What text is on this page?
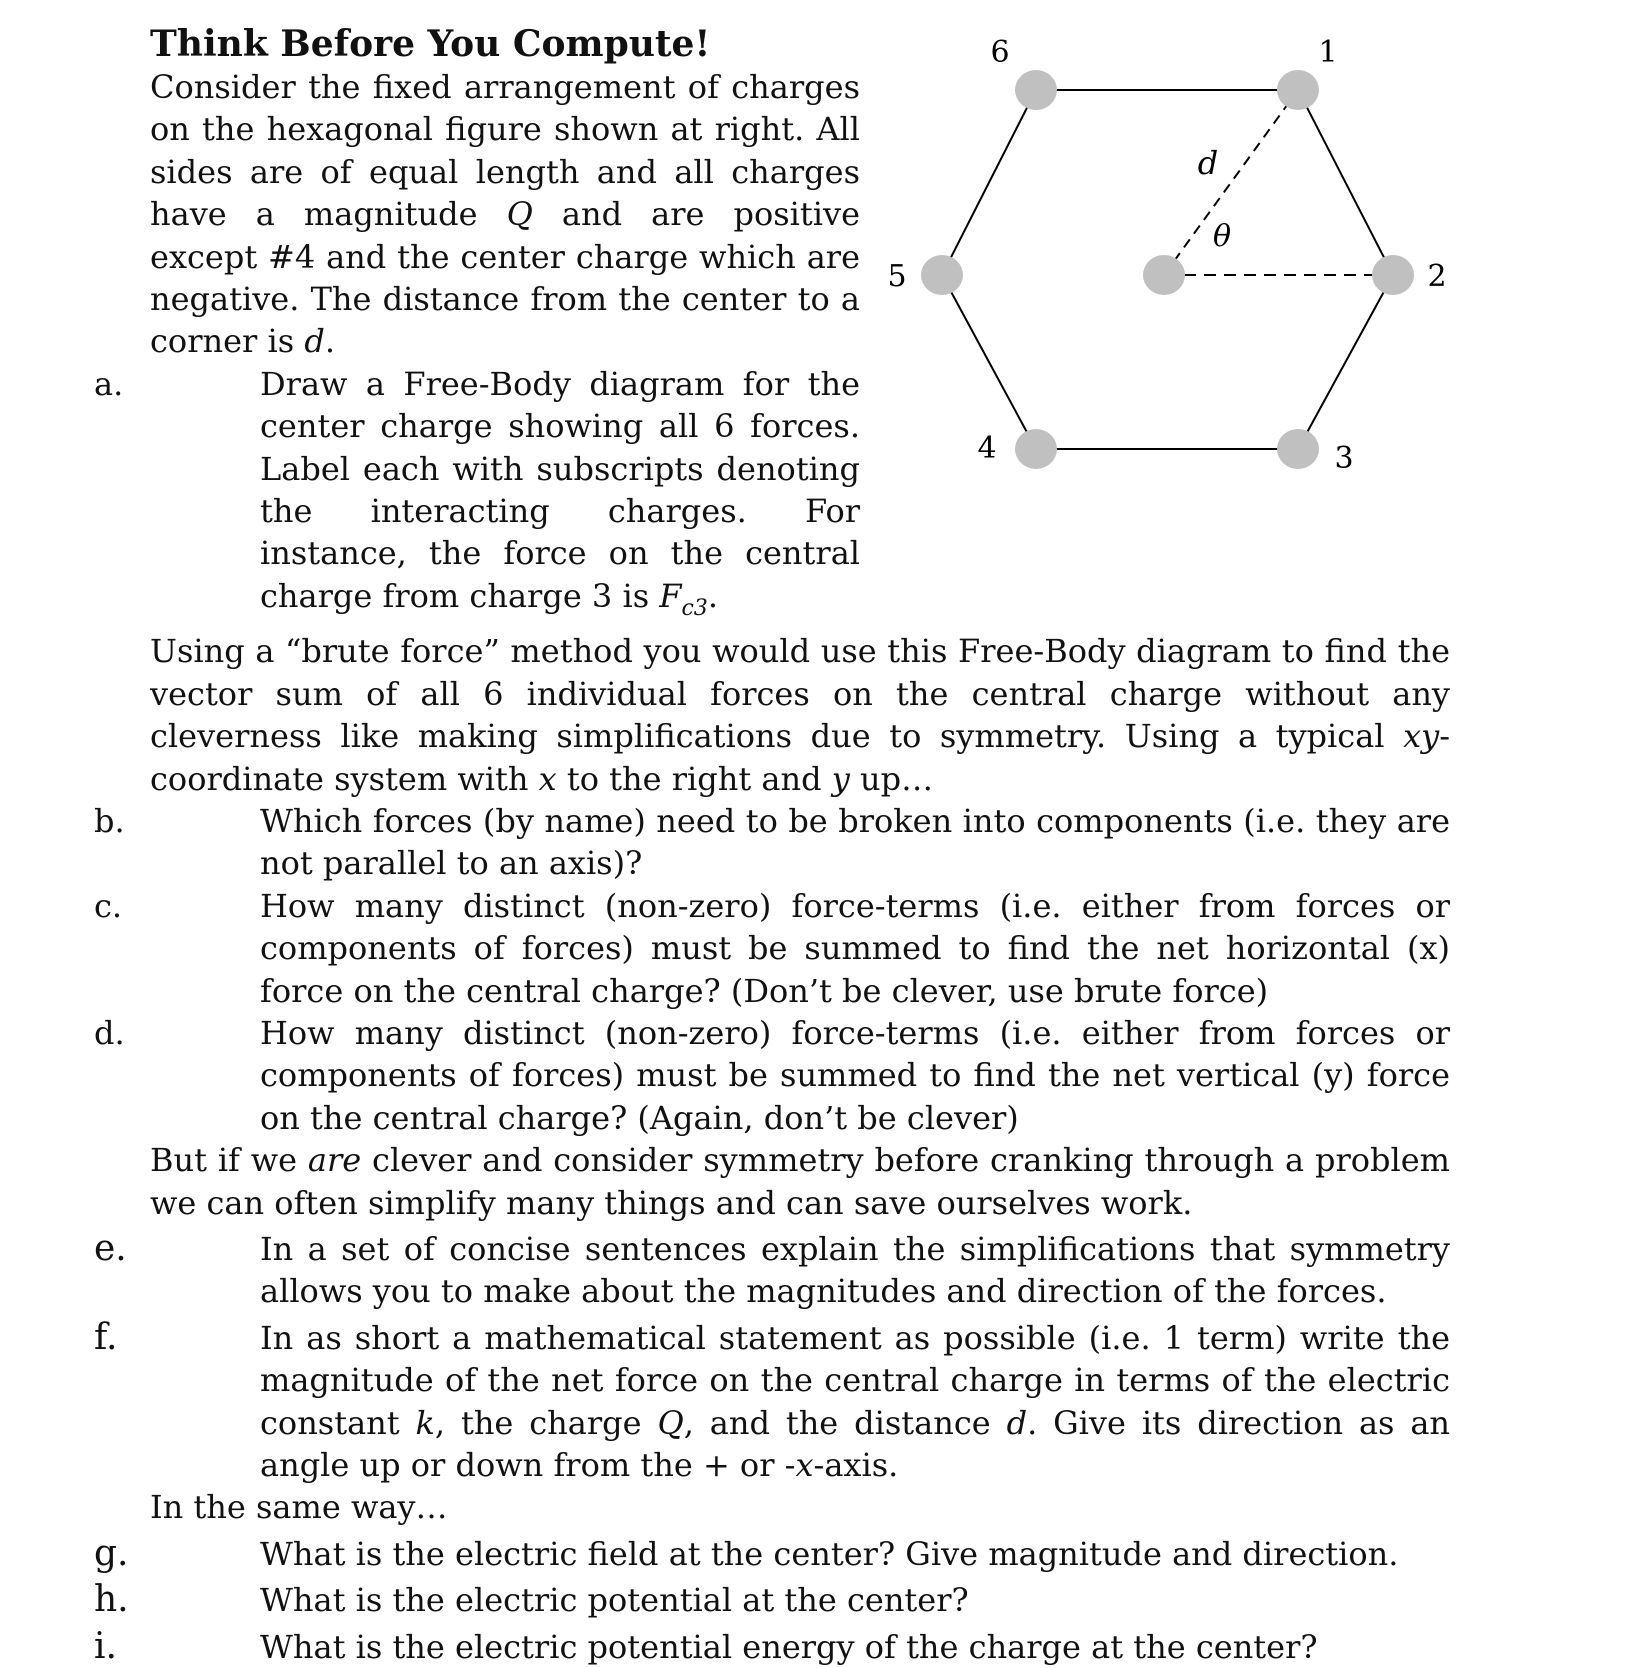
6	1
5	2
4	3
d
θ
Think Before You Compute!

Consider the fixed arrangement of charges on the hexagonal figure shown at right. All sides are of equal length and all charges have a magnitude Q and are positive except #4 and the center charge which are negative. The distance from the center to a corner is d.

a.	Draw a Free-Body diagram for the center charge showing all 6 forces. Label each with subscripts denoting the interacting charges. For instance, the force on the central charge from charge 3 is $F_{c3}$.

Using a “brute force” method you would use this Free-Body diagram to find the vector sum of all 6 individual forces on the central charge without any cleverness like making simplifications due to symmetry. Using a typical xy-coordinate system with x to the right and y up…

b.	Which forces (by name) need to be broken into components (i.e. they are not parallel to an axis)?
c.	How many distinct (non-zero) force-terms (i.e. either from forces or components of forces) must be summed to find the net horizontal (x) force on the central charge? (Don’t be clever, use brute force)
d.	How many distinct (non-zero) force-terms (i.e. either from forces or components of forces) must be summed to find the net vertical (y) force on the central charge? (Again, don’t be clever)

But if we are clever and consider symmetry before cranking through a problem we can often simplify many things and can save ourselves work.

e.	In a set of concise sentences explain the simplifications that symmetry allows you to make about the magnitudes and direction of the forces.
f.	In as short a mathematical statement as possible (i.e. 1 term) write the magnitude of the net force on the central charge in terms of the electric constant k, the charge Q, and the distance d. Give its direction as an angle up or down from the + or -x-axis.

In the same way…

g.	What is the electric field at the center? Give magnitude and direction.
h.	What is the electric potential at the center?
i.	What is the electric potential energy of the charge at the center?
